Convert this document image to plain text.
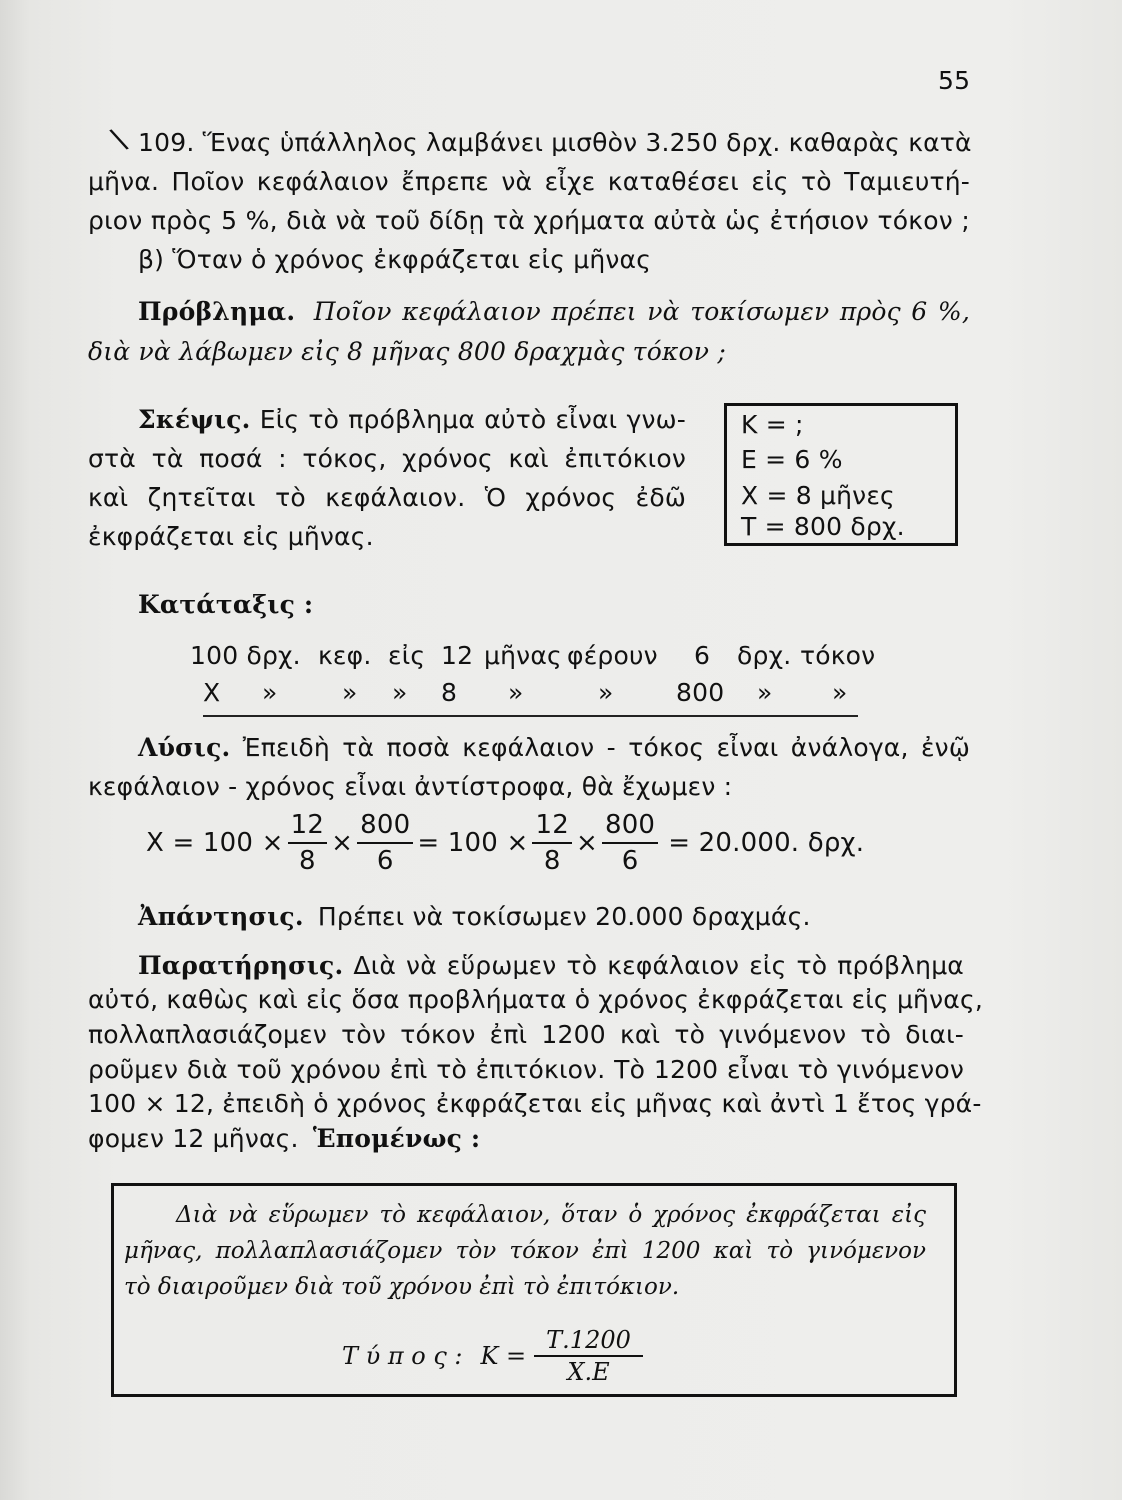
55
\ 109. Ἕνας ὑπάλληλος λαμβάνει μισθὸν 3.250 δρχ. καθαρὰς κατὰ
μῆνα. Ποῖον κεφάλαιον ἔπρεπε νὰ εἶχε καταθέσει εἰς τὸ Ταμιευτή-
ριον πρὸς 5 %, διὰ νὰ τοῦ δίδῃ τὰ χρήματα αὐτὰ ὡς ἐτήσιον τόκον ;
β) Ὅταν ὁ χρόνος ἐκφράζεται εἰς μῆνας
Πρόβλημα. Ποῖον κεφάλαιον πρέπει νὰ τοκίσωμεν πρὸς 6 %,
διὰ νὰ λάβωμεν εἰς 8 μῆνας 800 δραχμὰς τόκον ;
Σκέψις. Εἰς τὸ πρόβλημα αὐτὸ εἶναι γνω-
στὰ τὰ ποσά : τόκος, χρόνος καὶ ἐπιτόκιον
καὶ ζητεῖται τὸ κεφάλαιον. Ὁ χρόνος ἐδῶ
ἐκφράζεται εἰς μῆνας.
Κ = ;
Ε = 6 %
Χ = 8 μῆνες
Τ = 800 δρχ.
Κατάταξις :
100 δρχ. κεφ. εἰς 12 μῆνας φέρουν 6 δρχ. τόκον
Χ »	» » 8 »	»	800 » »
Λύσις. Ἐπειδὴ τὰ ποσὰ κεφάλαιον - τόκος εἶναι ἀνάλογα, ἐνῷ
κεφάλαιον - χρόνος εἶναι ἀντίστροφα, θὰ ἔχωμεν :
$X = 100 \times \frac{12}{8} \times \frac{800}{6} = 100 \times \frac{12}{8} \times \frac{800}{6} = 20.000$. δρχ.
Ἀπάντησις. Πρέπει νὰ τοκίσωμεν 20.000 δραχμάς.
Παρατήρησις. Διὰ νὰ εὕρωμεν τὸ κεφάλαιον εἰς τὸ πρόβλημα
αὐτό, καθὼς καὶ εἰς ὅσα προβλήματα ὁ χρόνος ἐκφράζεται εἰς μῆνας,
πολλαπλασιάζομεν τὸν τόκον ἐπὶ 1200 καὶ τὸ γινόμενον τὸ διαι-
ροῦμεν διὰ τοῦ χρόνου ἐπὶ τὸ ἐπιτόκιον. Τὸ 1200 εἶναι τὸ γινόμενον
100 × 12, ἐπειδὴ ὁ χρόνος ἐκφράζεται εἰς μῆνας καὶ ἀντὶ 1 ἔτος γρά-
φομεν 12 μῆνας. Ἑπομένως :
Διὰ νὰ εὕρωμεν τὸ κεφάλαιον, ὅταν ὁ χρόνος ἐκφράζεται εἰς
μῆνας, πολλαπλασιάζομεν τὸν τόκον ἐπὶ 1200 καὶ τὸ γινόμενον
τὸ διαιροῦμεν διὰ τοῦ χρόνου ἐπὶ τὸ ἐπιτόκιον.
Τ ύ π ο ς : $K = \frac{T.1200}{X.E}$
